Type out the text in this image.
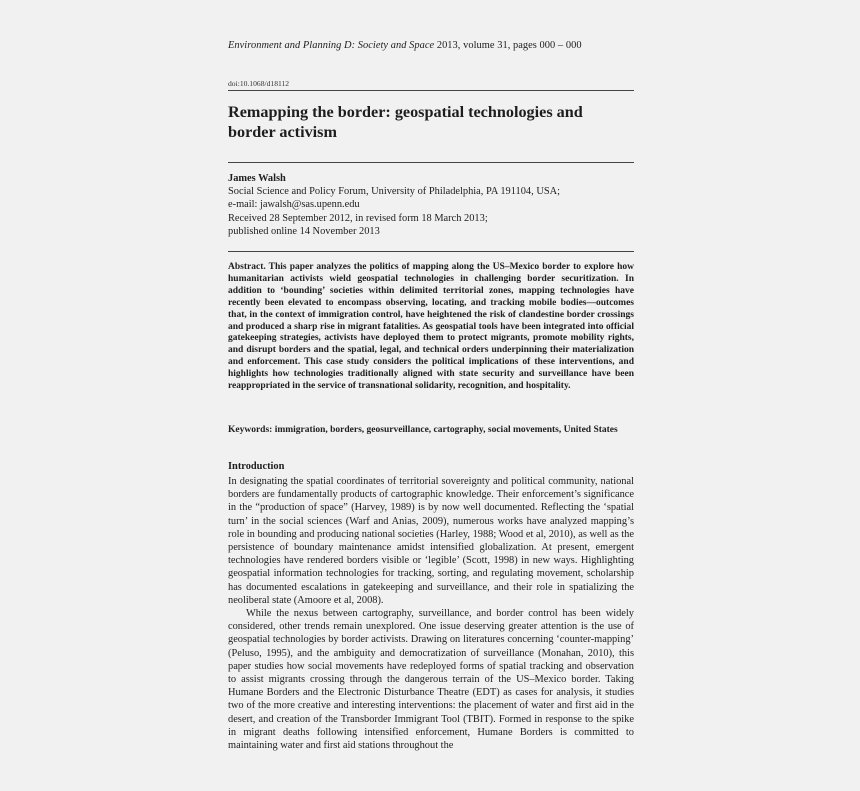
Environment and Planning D: Society and Space 2013, volume 31, pages 000 – 000
doi:10.1068/d18112
Remapping the border: geospatial technologies and border activism
James Walsh
Social Science and Policy Forum, University of Philadelphia, PA 191104, USA;
e-mail: jawalsh@sas.upenn.edu
Received 28 September 2012, in revised form 18 March 2013;
published online 14 November 2013
Abstract. This paper analyzes the politics of mapping along the US–Mexico border to explore how humanitarian activists wield geospatial technologies in challenging border securitization. In addition to ‘bounding’ societies within delimited territorial zones, mapping technologies have recently been elevated to encompass observing, locating, and tracking mobile bodies—outcomes that, in the context of immigration control, have heightened the risk of clandestine border crossings and produced a sharp rise in migrant fatalities. As geospatial tools have been integrated into official gatekeeping strategies, activists have deployed them to protect migrants, promote mobility rights, and disrupt borders and the spatial, legal, and technical orders underpinning their materialization and enforcement. This case study considers the political implications of these interventions, and highlights how technologies traditionally aligned with state security and surveillance have been reappropriated in the service of transnational solidarity, recognition, and hospitality.
Keywords: immigration, borders, geosurveillance, cartography, social movements, United States
Introduction

In designating the spatial coordinates of territorial sovereignty and political community, national borders are fundamentally products of cartographic knowledge. Their enforcement’s significance in the “production of space” (Harvey, 1989) is by now well documented. Reflecting the ‘spatial turn’ in the social sciences (Warf and Anias, 2009), numerous works have analyzed mapping’s role in bounding and producing national societies (Harley, 1988; Wood et al, 2010), as well as the persistence of boundary maintenance amidst intensified globalization. At present, emergent technologies have rendered borders visible or ‘legible’ (Scott, 1998) in new ways. Highlighting geospatial information technologies for tracking, sorting, and regulating movement, scholarship has documented escalations in gatekeeping and surveillance, and their role in spatializing the neoliberal state (Amoore et al, 2008).

While the nexus between cartography, surveillance, and border control has been widely considered, other trends remain unexplored. One issue deserving greater attention is the use of geospatial technologies by border activists. Drawing on literatures concerning ‘counter-mapping’ (Peluso, 1995), and the ambiguity and democratization of surveillance (Monahan, 2010), this paper studies how social movements have redeployed forms of spatial tracking and observation to assist migrants crossing through the dangerous terrain of the US–Mexico border. Taking Humane Borders and the Electronic Disturbance Theatre (EDT) as cases for analysis, it studies two of the more creative and interesting interventions: the placement of water and first aid in the desert, and creation of the Transborder Immigrant Tool (TBIT). Formed in response to the spike in migrant deaths following intensified enforcement, Humane Borders is committed to maintaining water and first aid stations throughout the
